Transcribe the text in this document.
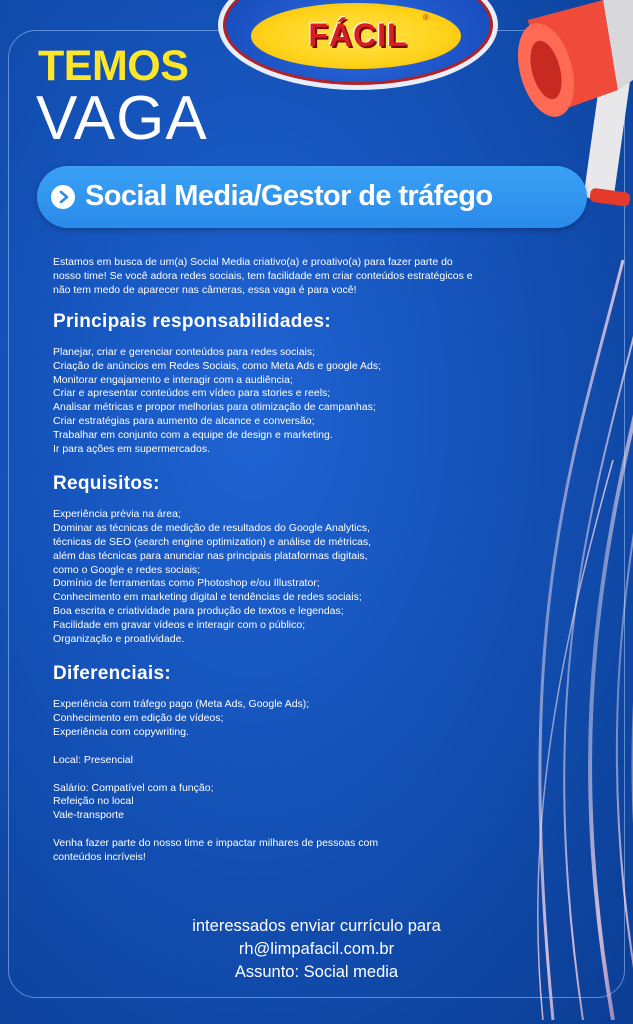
FÁCIL	®
TEMOS
VAGA
Social Media/Gestor de tráfego

Estamos em busca de um(a) Social Media criativo(a) e proativo(a) para fazer parte do nosso time! Se você adora redes sociais, tem facilidade em criar conteúdos estratégicos e não tem medo de aparecer nas câmeras, essa vaga é para você!

Principais responsabilidades:
Planejar, criar e gerenciar conteúdos para redes sociais;
Criação de anúncios em Redes Sociais, como Meta Ads e google Ads;
Monitorar engajamento e interagir com a audiência;
Criar e apresentar conteúdos em vídeo para stories e reels;
Analisar métricas e propor melhorias para otimização de campanhas;
Criar estratégias para aumento de alcance e conversão;
Trabalhar em conjunto com a equipe de design e marketing.
Ir para ações em supermercados.
Requisitos:
Experiência prévia na área;
Dominar as técnicas de medição de resultados do Google Analytics,
técnicas de SEO (search engine optimization) e análise de métricas,
além das técnicas para anunciar nas principais plataformas digitais,
como o Google e redes sociais;
Domínio de ferramentas como Photoshop e/ou Illustrator;
Conhecimento em marketing digital e tendências de redes sociais;
Boa escrita e criatividade para produção de textos e legendas;
Facilidade em gravar vídeos e interagir com o público;
Organização e proatividade.
Diferenciais:
Experiência com tráfego pago (Meta Ads, Google Ads);
Conhecimento em edição de vídeos;
Experiência com copywriting.
Local: Presencial
Salário: Compatível com a função;
Refeição no local
Vale-transporte
Venha fazer parte do nosso time e impactar milhares de pessoas com
conteúdos incríveis!
interessados enviar currículo para
rh@limpafacil.com.br
Assunto: Social media
